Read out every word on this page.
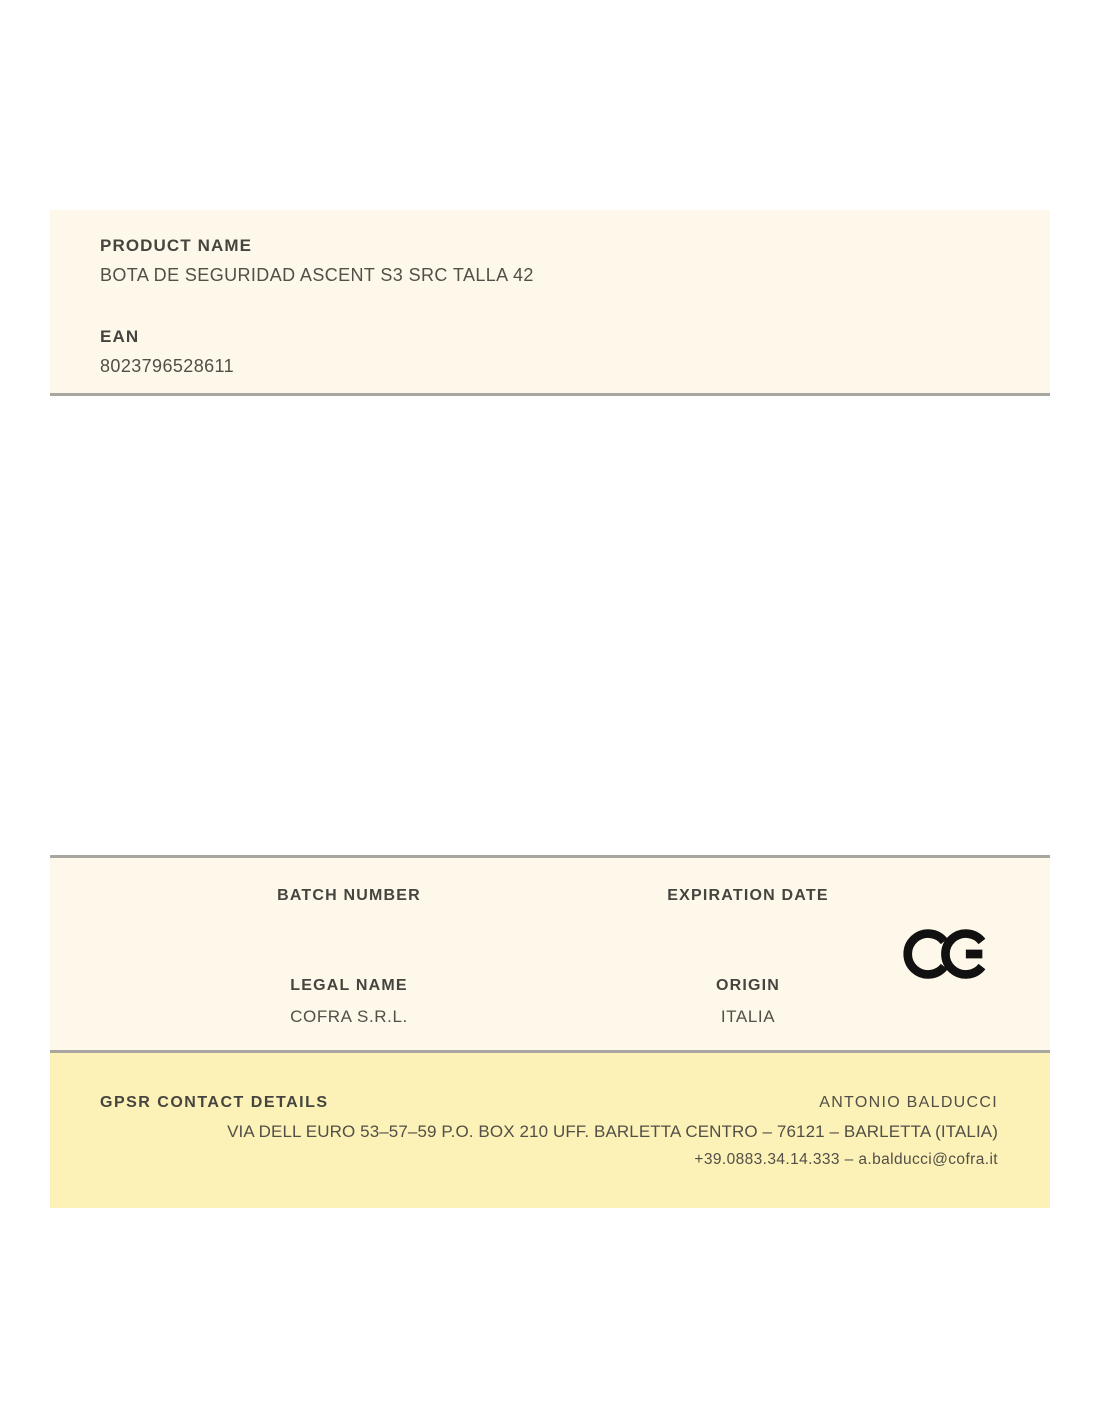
PRODUCT NAME
BOTA DE SEGURIDAD ASCENT S3 SRC TALLA 42
EAN
8023796528611
BATCH NUMBER	EXPIRATION DATE
LEGAL NAME	ORIGIN
COFRA S.R.L.	ITALIA
GPSR CONTACT DETAILS	ANTONIO BALDUCCI
VIA DELL EURO 53–57–59 P.O. BOX 210 UFF. BARLETTA CENTRO – 76121 – BARLETTA (ITALIA)
+39.0883.34.14.333 – a.balducci@cofra.it
